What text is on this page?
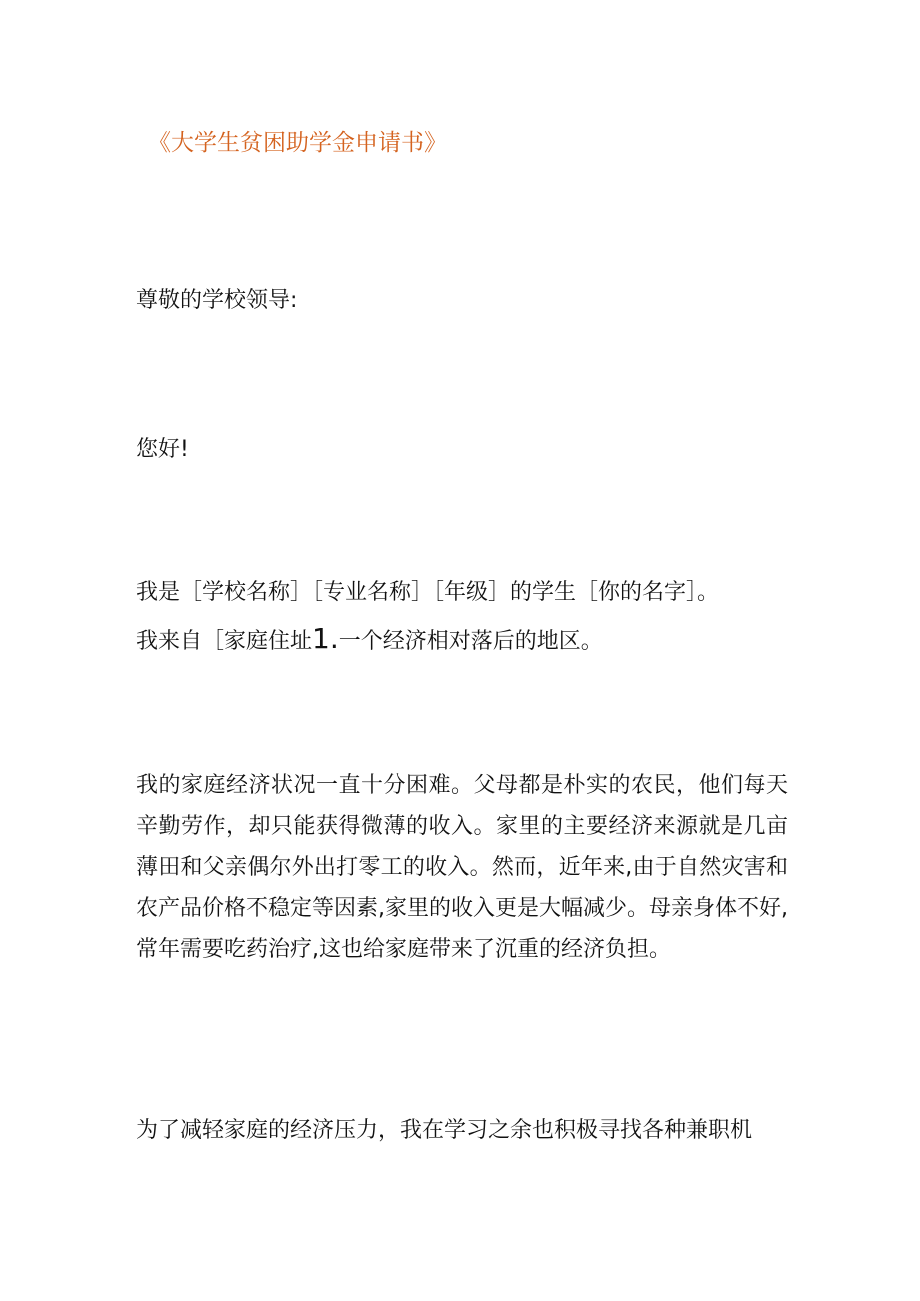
《大学生贫困助学金申请书》
尊敬的学校领导:
您好!
我是［学校名称］［专业名称］［年级］的学生［你的名字］。
我来自［家庭住址1.一个经济相对落后的地区。
我的家庭经济状况一直十分困难。父母都是朴实的农民，他们每天辛勤劳作，却只能获得微薄的收入。家里的主要经济来源就是几亩薄田和父亲偶尔外出打零工的收入。然而，近年来,由于自然灾害和农产品价格不稳定等因素,家里的收入更是大幅减少。母亲身体不好,常年需要吃药治疗,这也给家庭带来了沉重的经济负担。
为了减轻家庭的经济压力，我在学习之余也积极寻找各种兼职机
